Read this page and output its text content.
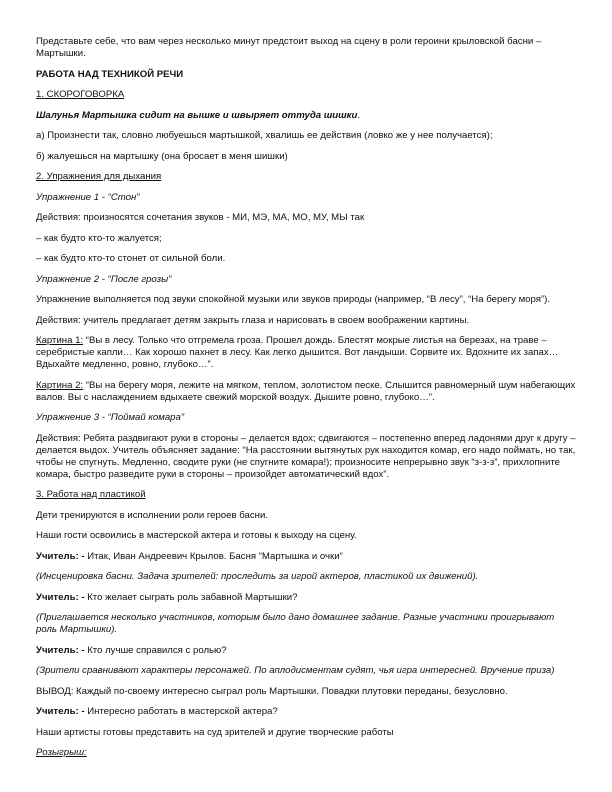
Представьте себе, что вам через несколько минут предстоит выход на сцену в роли героини крыловской басни – Мартышки.

РАБОТА НАД ТЕХНИКОЙ РЕЧИ

1. СКОРОГОВОРКА

Шалунья Мартышка сидит на вышке и швыряет оттуда шишки.

а) Произнести так, словно любуешься мартышкой, хвалишь ее действия (ловко же у нее получается);

б) жалуешься на мартышку (она бросает в меня шишки)

2. Упражнения для дыхания

Упражнение 1 - “Стон”

Действия: произносятся сочетания звуков - МИ, МЭ, МА, МО, МУ, МЫ так

– как будто кто-то жалуется;

– как будто кто-то стонет от сильной боли.

Упражнение 2 - “После грозы”

Упражнение выполняется под звуки спокойной музыки или звуков природы (например, “В лесу”, “На берегу моря”).

Действия: учитель предлагает детям закрыть глаза и нарисовать в своем воображении картины.

Картина 1: “Вы в лесу. Только что отгремела гроза. Прошел дождь. Блестят мокрые листья на березах, на траве – серебристые капли… Как хорошо пахнет в лесу. Как легко дышится. Вот ландыши. Сорвите их. Вдохните их запах… Вдыхайте медленно, ровно, глубоко…”.

Картина 2: “Вы на берегу моря, лежите на мягком, теплом, золотистом песке. Слышится равномерный шум набегающих валов. Вы с наслаждением вдыхаете свежий морской воздух. Дышите ровно, глубоко…”.

Упражнение 3 - “Поймай комара”

Действия: Ребята раздвигают руки в стороны – делается вдох; сдвигаются – постепенно вперед ладонями друг к другу – делается выдох. Учитель объясняет задание: “На расстоянии вытянутых рук находится комар, его надо поймать, но так, чтобы не спугнуть. Медленно, сводите руки (не спугните комара!); произносите непрерывно звук “з-з-з”, прихлопните комара, быстро разведите руки в стороны – произойдет автоматический вдох”.

3. Работа над пластикой

Дети тренируются в исполнении роли героев басни.

Наши гости освоились в мастерской актера и готовы к выходу на сцену.

Учитель: - Итак, Иван Андреевич Крылов. Басня “Мартышка и очки”

(Инсценировка басни. Задача зрителей: проследить за игрой актеров, пластикой их движений).

Учитель: - Кто желает сыграть роль забавной Мартышки?

(Приглашается несколько участников, которым было дано домашнее задание. Разные участники проигрывают роль Мартышки).

Учитель: - Кто лучше справился с ролью?

(Зрители сравнивают характеры персонажей. По аплодисментам судят, чья игра интересней. Вручение приза)

ВЫВОД: Каждый по-своему интересно сыграл роль Мартышки. Повадки плутовки переданы, безусловно.

Учитель: - Интересно работать в мастерской актера?

Наши артисты готовы представить на суд зрителей и другие творческие работы

Розыгрыш:
